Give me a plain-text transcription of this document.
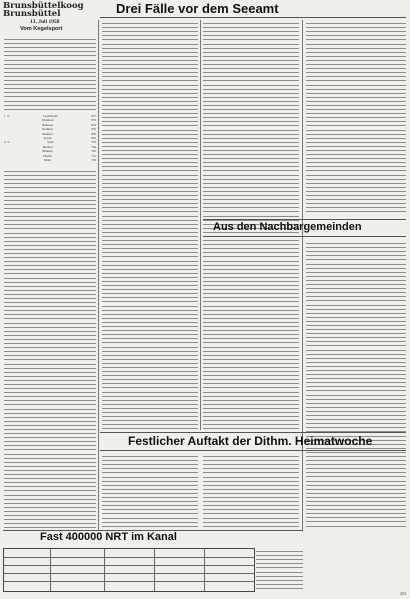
Brunsbüttelkoog
Brunsbüttel
13. Juli 1958
Drei Fälle vor dem Seeamt
Vom Kegelsport
1. V.	Lindemann	977
Thomsen	876
Bahnsen	854
Reimers	836
Meiners	830
Jacobs	822
2. V.	Stolz	779
Meinert	764
Meiners	743
Harms	721
Mohr	702
Aus den Nachbargemeinden
Festlicher Auftakt der Dithm. Heimatwoche
Fast 400000 NRT im Kanal
253
